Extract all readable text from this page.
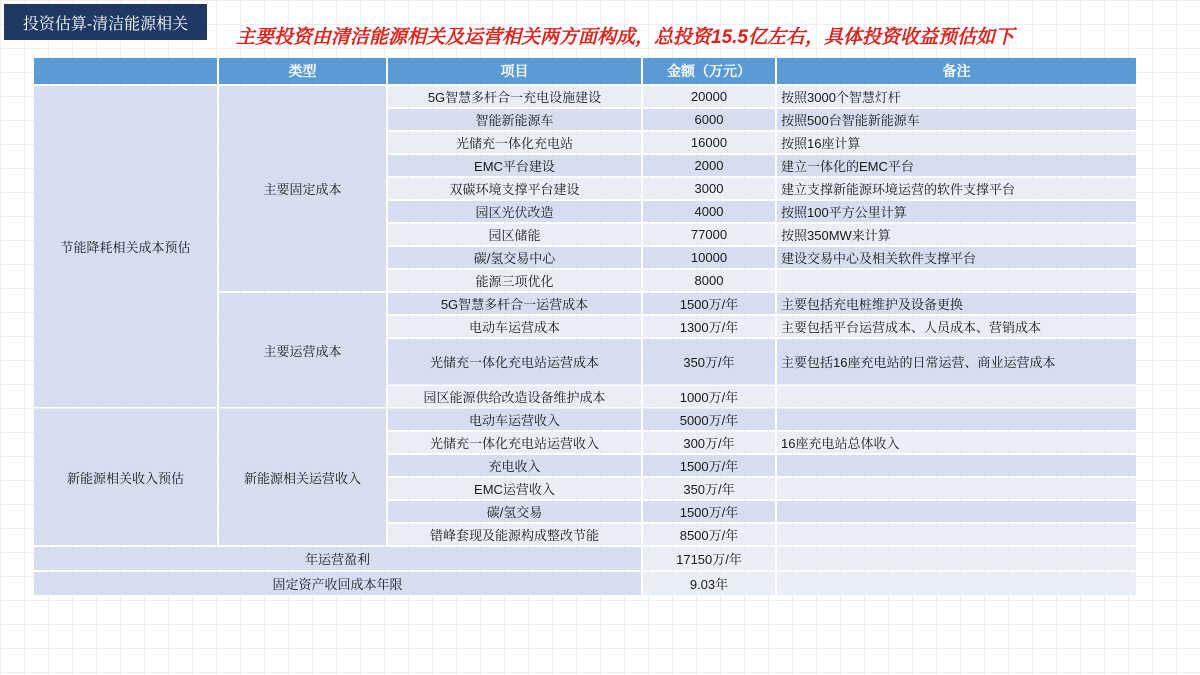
投资估算-清洁能源相关
主要投资由清洁能源相关及运营相关两方面构成，总投资15.5亿左右，具体投资收益预估如下
	类型	项目	金额（万元）	备注
节能降耗相关成本预估	主要固定成本	5G智慧多杆合一充电设施建设	20000	按照3000个智慧灯杆
		智能新能源车	6000	按照500台智能新能源车
		光储充一体化充电站	16000	按照16座计算
		EMC平台建设	2000	建立一体化的EMC平台
		双碳环境支撑平台建设	3000	建立支撑新能源环境运营的软件支撑平台
		园区光伏改造	4000	按照100平方公里计算
		园区储能	77000	按照350MW来计算
		碳/氢交易中心	10000	建设交易中心及相关软件支撑平台
		能源三项优化	8000	
	主要运营成本	5G智慧多杆合一运营成本	1500万/年	主要包括充电桩维护及设备更换
		电动车运营成本	1300万/年	主要包括平台运营成本、人员成本、营销成本
		光储充一体化充电站运营成本	350万/年	主要包括16座充电站的日常运营、商业运营成本
		园区能源供给改造设备维护成本	1000万/年	
新能源相关收入预估	新能源相关运营收入	电动车运营收入	5000万/年	
		光储充一体化充电站运营收入	300万/年	16座充电站总体收入
		充电收入	1500万/年	
		EMC运营收入	350万/年	
		碳/氢交易	1500万/年	
		错峰套现及能源构成整改节能	8500万/年	
年运营盈利			17150万/年	
固定资产收回成本年限			9.03年	
